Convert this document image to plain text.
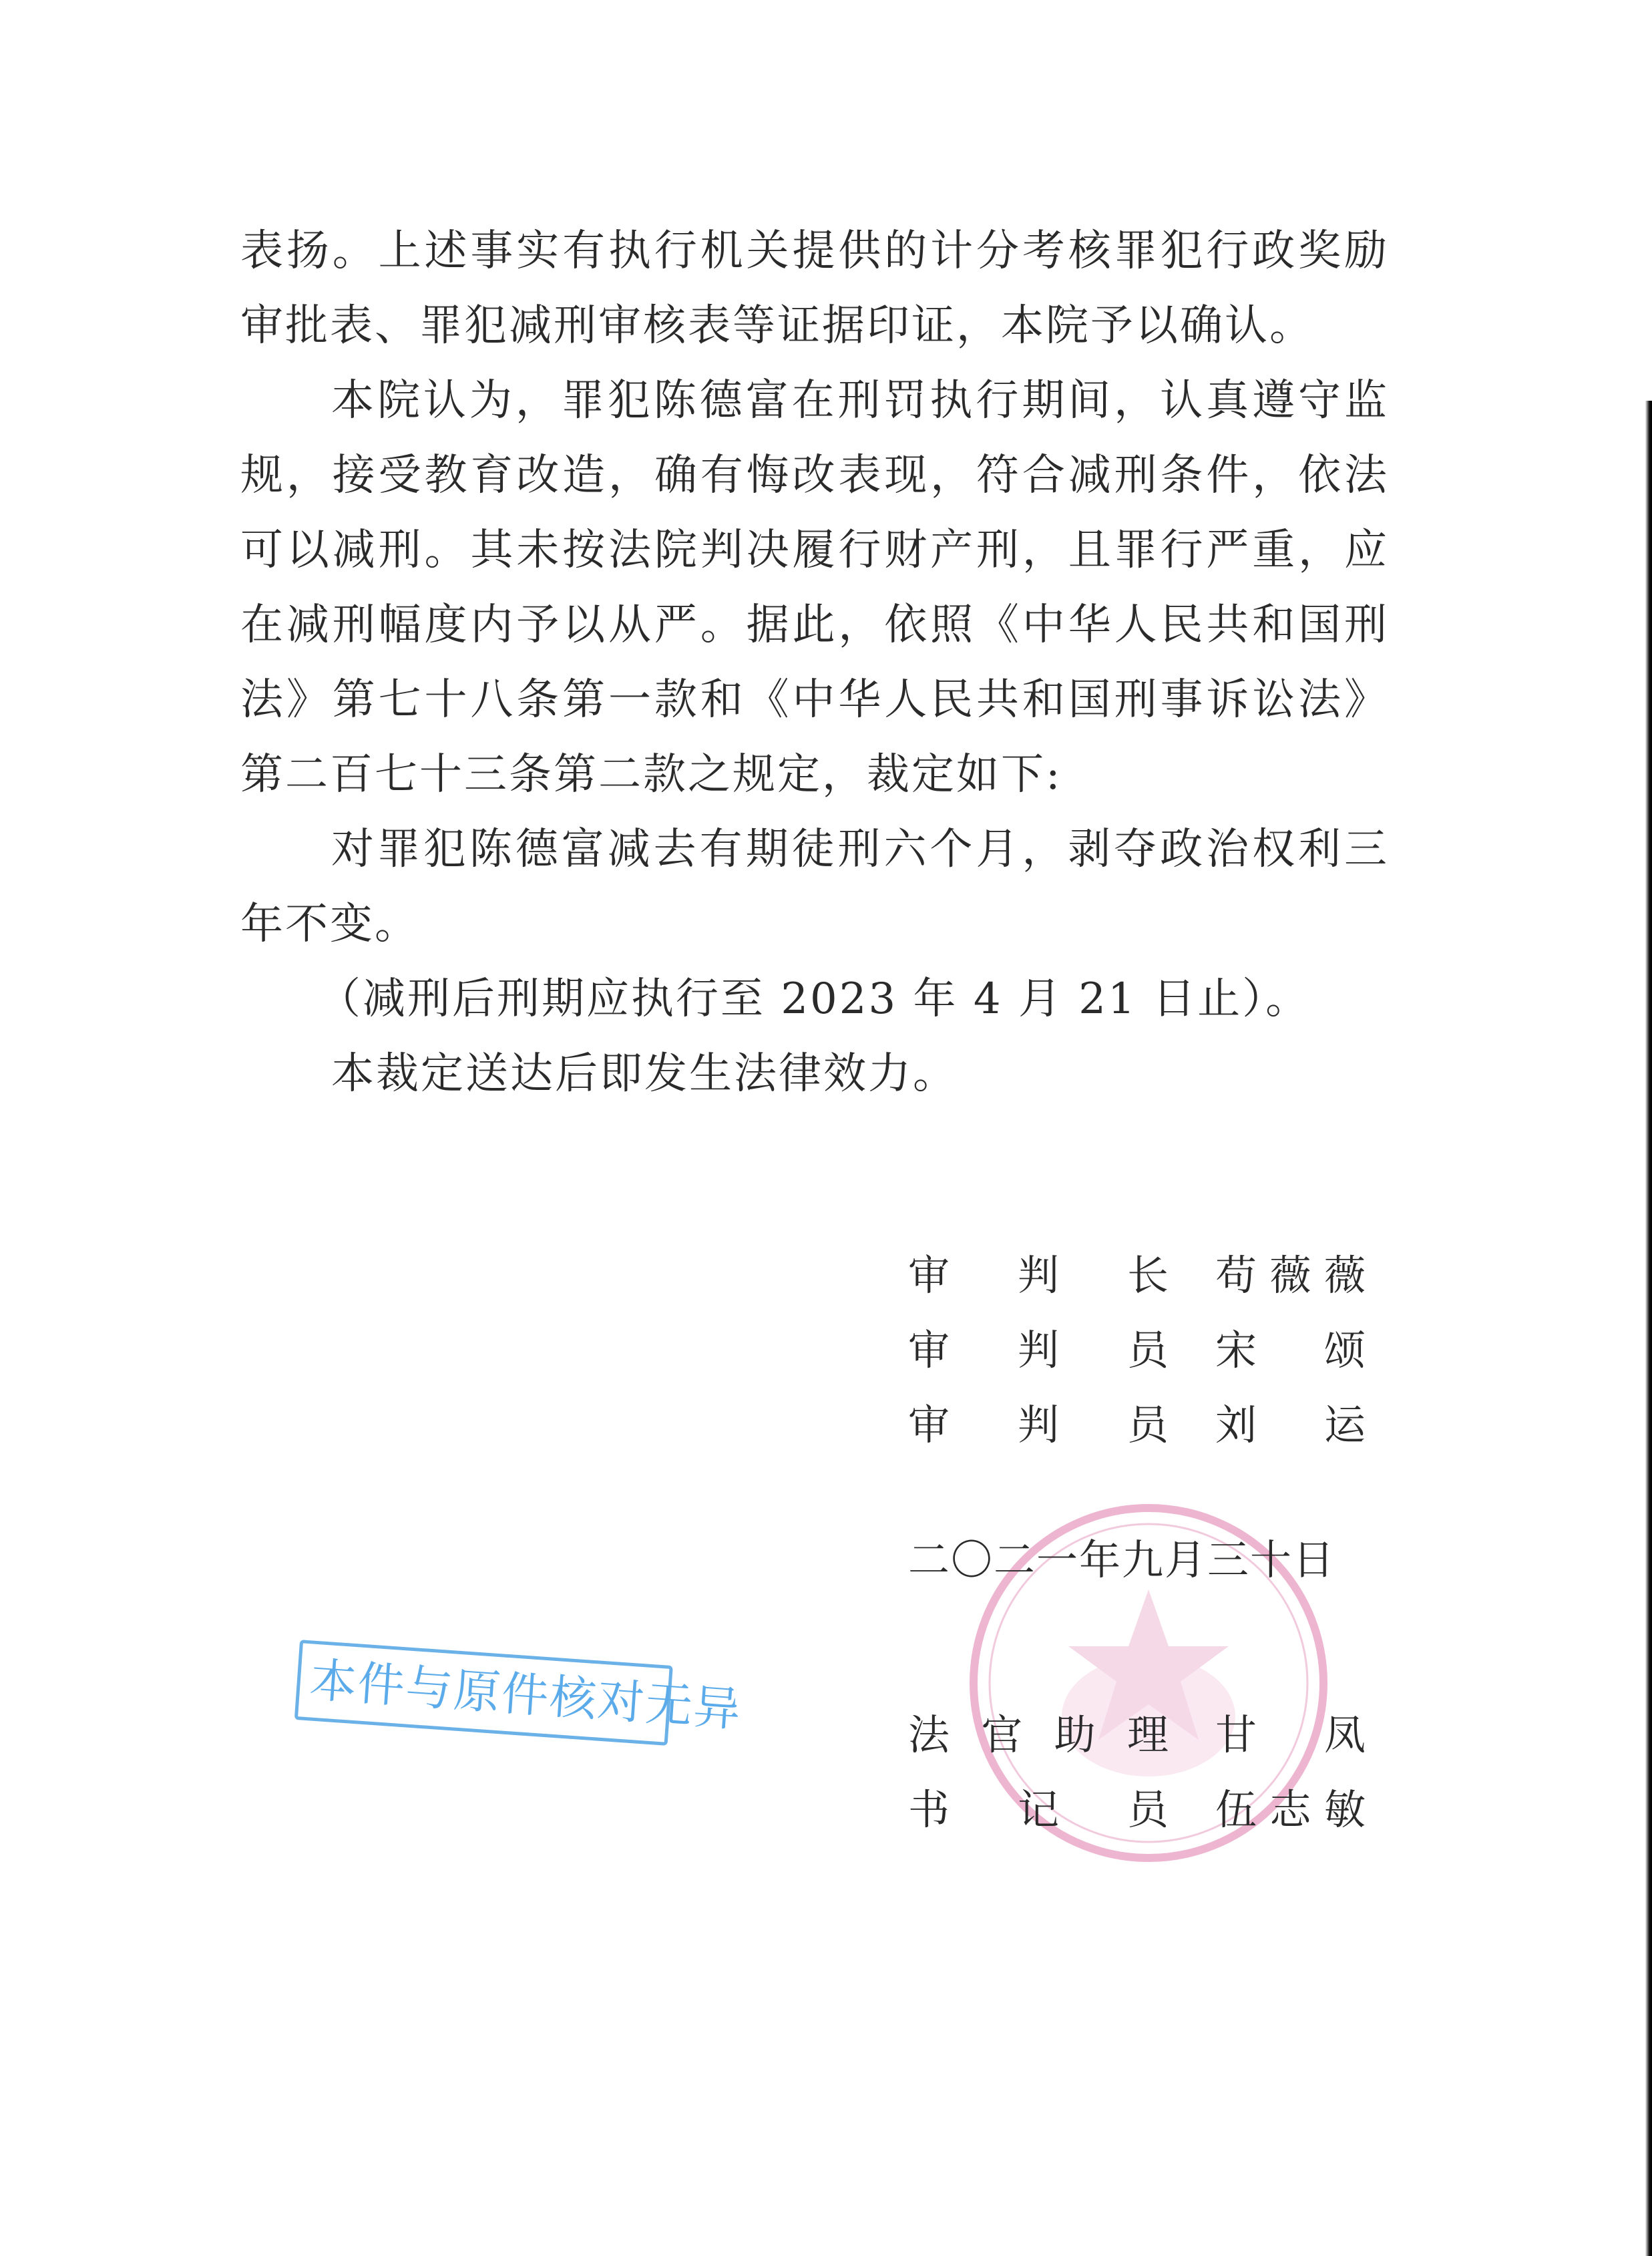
表扬。上述事实有执行机关提供的计分考核罪犯行政奖励审批表、罪犯减刑审核表等证据印证，本院予以确认。

本院认为，罪犯陈德富在刑罚执行期间，认真遵守监规，接受教育改造，确有悔改表现，符合减刑条件，依法可以减刑。其未按法院判决履行财产刑，且罪行严重，应在减刑幅度内予以从严。据此，依照《中华人民共和国刑法》第七十八条第一款和《中华人民共和国刑事诉讼法》第二百七十三条第二款之规定，裁定如下:

对罪犯陈德富减去有期徒刑六个月，剥夺政治权利三年不变。

（减刑后刑期应执行至 2023 年 4 月 21 日止）。

本裁定送达后即发生法律效力。

审 判 长 苟 薇 薇
审 判 员 宋 颂
审 判 员 刘 运
二〇二一年九月三十日
法 官 助 理 甘 凤
书 记 员 伍 志 敏
本件与原件核对无异
